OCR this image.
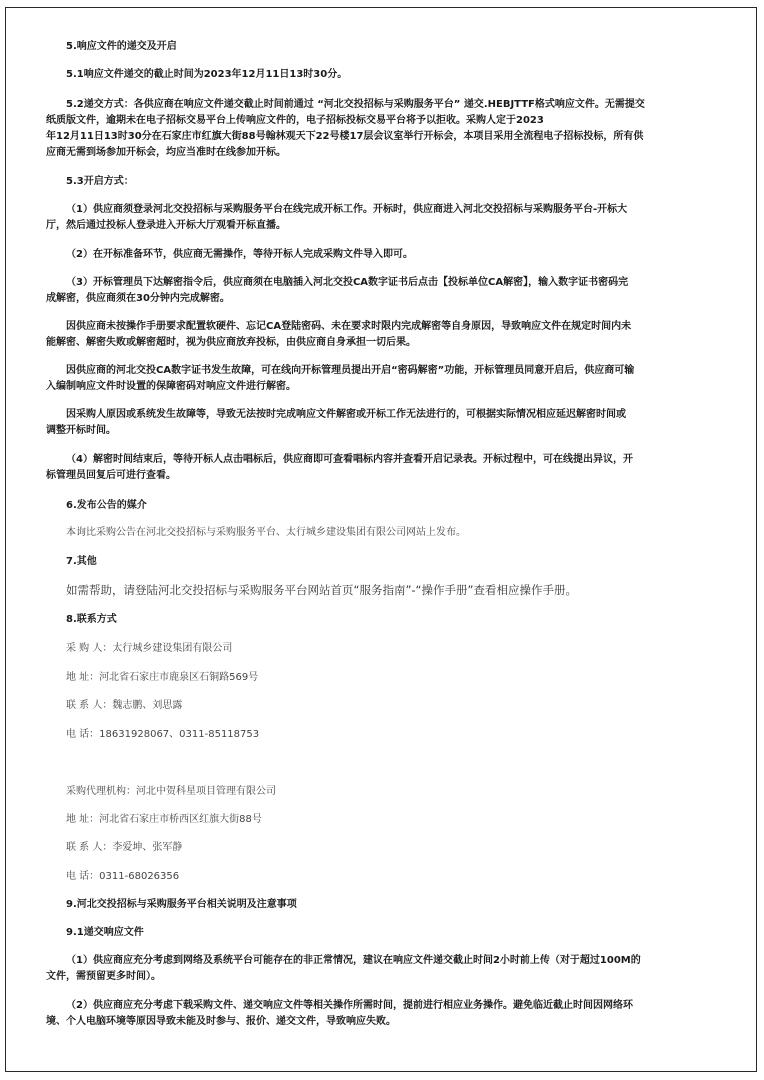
5.响应文件的递交及开启
5.1响应文件递交的截止时间为2023年12月11日13时30分。
5.2递交方式：各供应商在响应文件递交截止时间前通过 “河北交投招标与采购服务平台” 递交.HEBJTTF格式响应文件。无需提交
纸质版文件，逾期未在电子招标交易平台上传响应文件的，电子招标投标交易平台将予以拒收。采购人定于2023
年12月11日13时30分在石家庄市红旗大街88号翰林观天下22号楼17层会议室举行开标会，本项目采用全流程电子招标投标，所有供
应商无需到场参加开标会，均应当准时在线参加开标。
5.3开启方式：
（1）供应商须登录河北交投招标与采购服务平台在线完成开标工作。开标时，供应商进入河北交投招标与采购服务平台-开标大
厅，然后通过投标人登录进入开标大厅观看开标直播。
（2）在开标准备环节，供应商无需操作，等待开标人完成采购文件导入即可。
（3）开标管理员下达解密指令后，供应商须在电脑插入河北交投CA数字证书后点击【投标单位CA解密】，输入数字证书密码完
成解密，供应商须在30分钟内完成解密。
因供应商未按操作手册要求配置软硬件、忘记CA登陆密码、未在要求时限内完成解密等自身原因，导致响应文件在规定时间内未
能解密、解密失败或解密超时，视为供应商放弃投标，由供应商自身承担一切后果。
因供应商的河北交投CA数字证书发生故障，可在线向开标管理员提出开启“密码解密”功能，开标管理员同意开启后，供应商可输
入编制响应文件时设置的保障密码对响应文件进行解密。
因采购人原因或系统发生故障等，导致无法按时完成响应文件解密或开标工作无法进行的，可根据实际情况相应延迟解密时间或
调整开标时间。
（4）解密时间结束后，等待开标人点击唱标后，供应商即可查看唱标内容并查看开启记录表。开标过程中，可在线提出异议，开
标管理员回复后可进行查看。
6.发布公告的媒介
本询比采购公告在河北交投招标与采购服务平台、太行城乡建设集团有限公司网站上发布。
7.其他
如需帮助，请登陆河北交投招标与采购服务平台网站首页“服务指南”-“操作手册”查看相应操作手册。
8.联系方式
采 购 人：太行城乡建设集团有限公司
地 址：河北省石家庄市鹿泉区石铜路569号
联 系 人：魏志鹏、刘思露
电 话：18631928067、0311-85118753
采购代理机构：河北中贺科星项目管理有限公司
地 址：河北省石家庄市桥西区红旗大街88号
联 系 人：李爱坤、张军静
电 话：0311-68026356
9.河北交投招标与采购服务平台相关说明及注意事项
9.1递交响应文件
（1）供应商应充分考虑到网络及系统平台可能存在的非正常情况，建议在响应文件递交截止时间2小时前上传（对于超过100M的
文件，需预留更多时间）。
（2）供应商应充分考虑下载采购文件、递交响应文件等相关操作所需时间，提前进行相应业务操作。避免临近截止时间因网络环
境、个人电脑环境等原因导致未能及时参与、报价、递交文件，导致响应失败。
